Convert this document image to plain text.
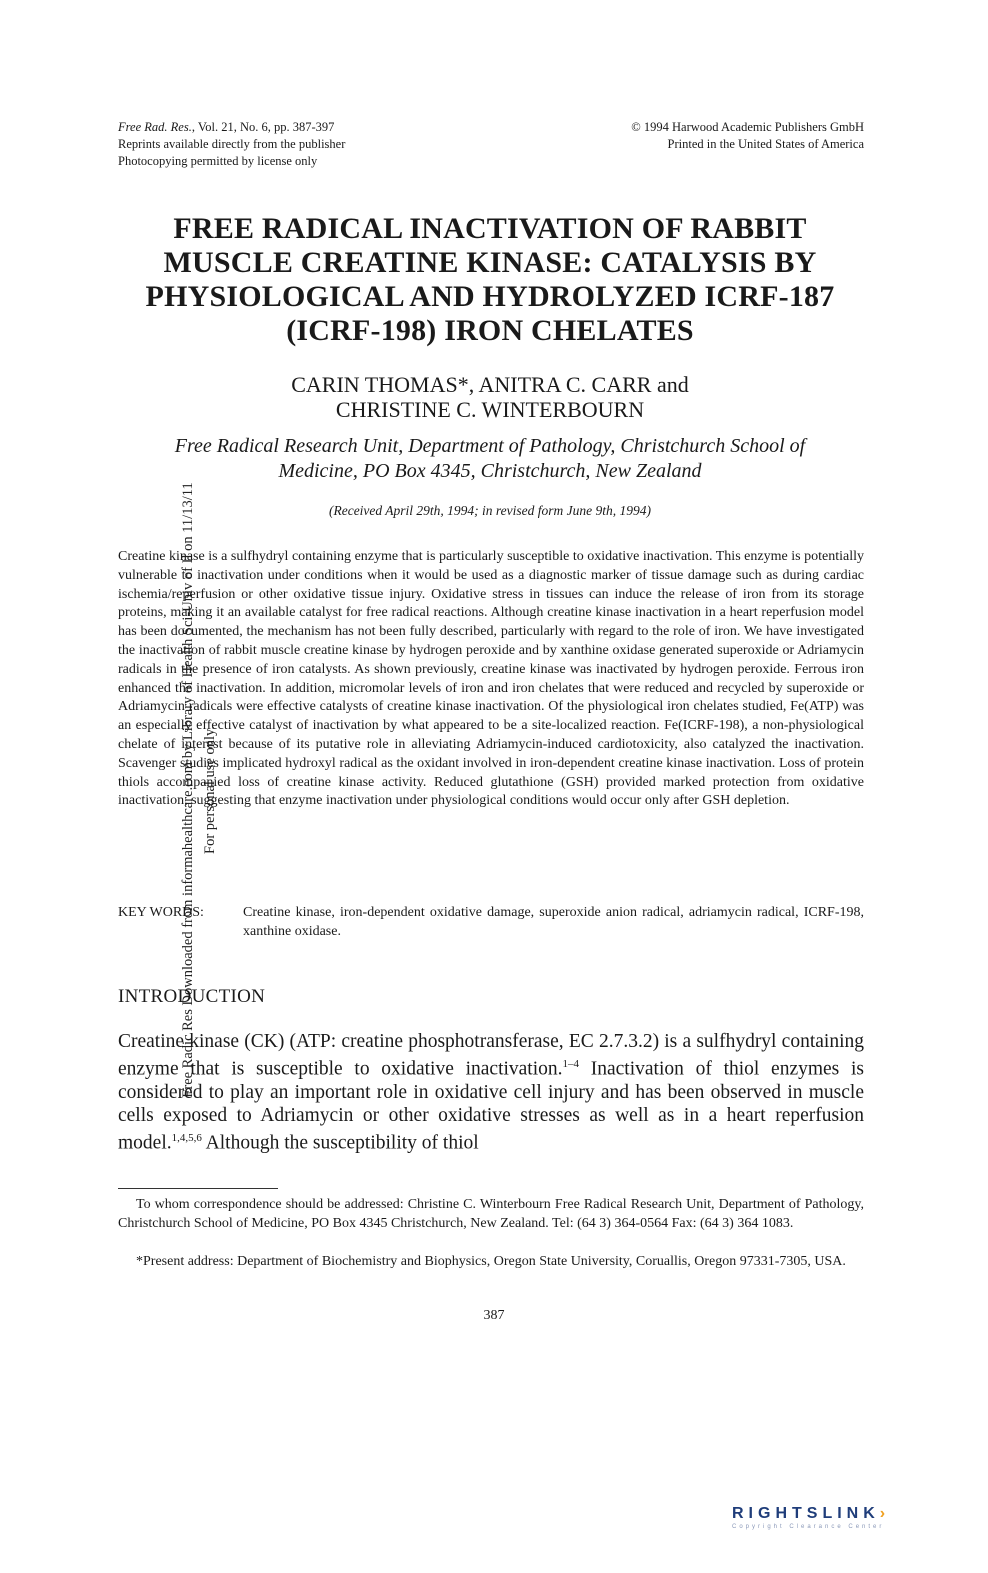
Free Radic Res Downloaded from informahealthcare.com by Library of Health Sci-Univ of Il on 11/13/11 For personal use only.
Free Rad. Res., Vol. 21, No. 6, pp. 387-397
Reprints available directly from the publisher
Photocopying permitted by license only
© 1994 Harwood Academic Publishers GmbH
Printed in the United States of America
FREE RADICAL INACTIVATION OF RABBIT
MUSCLE CREATINE KINASE: CATALYSIS BY
PHYSIOLOGICAL AND HYDROLYZED ICRF-187
(ICRF-198) IRON CHELATES
CARIN THOMAS*, ANITRA C. CARR and
CHRISTINE C. WINTERBOURN
Free Radical Research Unit, Department of Pathology, Christchurch School of
Medicine, PO Box 4345, Christchurch, New Zealand
(Received April 29th, 1994; in revised form June 9th, 1994)
Creatine kinase is a sulfhydryl containing enzyme that is particularly susceptible to oxidative inactivation. This enzyme is potentially vulnerable to inactivation under conditions when it would be used as a diagnostic marker of tissue damage such as during cardiac ischemia/reperfusion or other oxidative tissue injury. Oxidative stress in tissues can induce the release of iron from its storage proteins, making it an available catalyst for free radical reactions. Although creatine kinase inactivation in a heart reperfusion model has been documented, the mechanism has not been fully described, particularly with regard to the role of iron. We have investigated the inactivation of rabbit muscle creatine kinase by hydrogen peroxide and by xanthine oxidase generated superoxide or Adriamycin radicals in the presence of iron catalysts. As shown previously, creatine kinase was inactivated by hydrogen peroxide. Ferrous iron enhanced the inactivation. In addition, micromolar levels of iron and iron chelates that were reduced and recycled by superoxide or Adriamycin radicals were effective catalysts of creatine kinase inactivation. Of the physiological iron chelates studied, Fe(ATP) was an especially effective catalyst of inactivation by what appeared to be a site-localized reaction. Fe(ICRF-198), a non-physiological chelate of interest because of its putative role in alleviating Adriamycin-induced cardiotoxicity, also catalyzed the inactivation. Scavenger studies implicated hydroxyl radical as the oxidant involved in iron-dependent creatine kinase inactivation. Loss of protein thiols accompanied loss of creatine kinase activity. Reduced glutathione (GSH) provided marked protection from oxidative inactivation, suggesting that enzyme inactivation under physiological conditions would occur only after GSH depletion.
KEY WORDS:	Creatine kinase, iron-dependent oxidative damage, superoxide anion radical, adriamycin radical, ICRF-198, xanthine oxidase.
INTRODUCTION
Creatine kinase (CK) (ATP: creatine phosphotransferase, EC 2.7.3.2) is a sulfhydryl containing enzyme that is susceptible to oxidative inactivation.$^{1-4}$ Inactivation of thiol enzymes is considered to play an important role in oxidative cell injury and has been observed in muscle cells exposed to Adriamycin or other oxidative stresses as well as in a heart reperfusion model.$^{1,4,5,6}$ Although the susceptibility of thiol
To whom correspondence should be addressed: Christine C. Winterbourn Free Radical Research Unit, Department of Pathology, Christchurch School of Medicine, PO Box 4345 Christchurch, New Zealand. Tel: (64 3) 364-0564 Fax: (64 3) 364 1083.
*Present address: Department of Biochemistry and Biophysics, Oregon State University, Coruallis, Oregon 97331-7305, USA.
387
RIGHTSLINK›
Copyright Clearance Center
